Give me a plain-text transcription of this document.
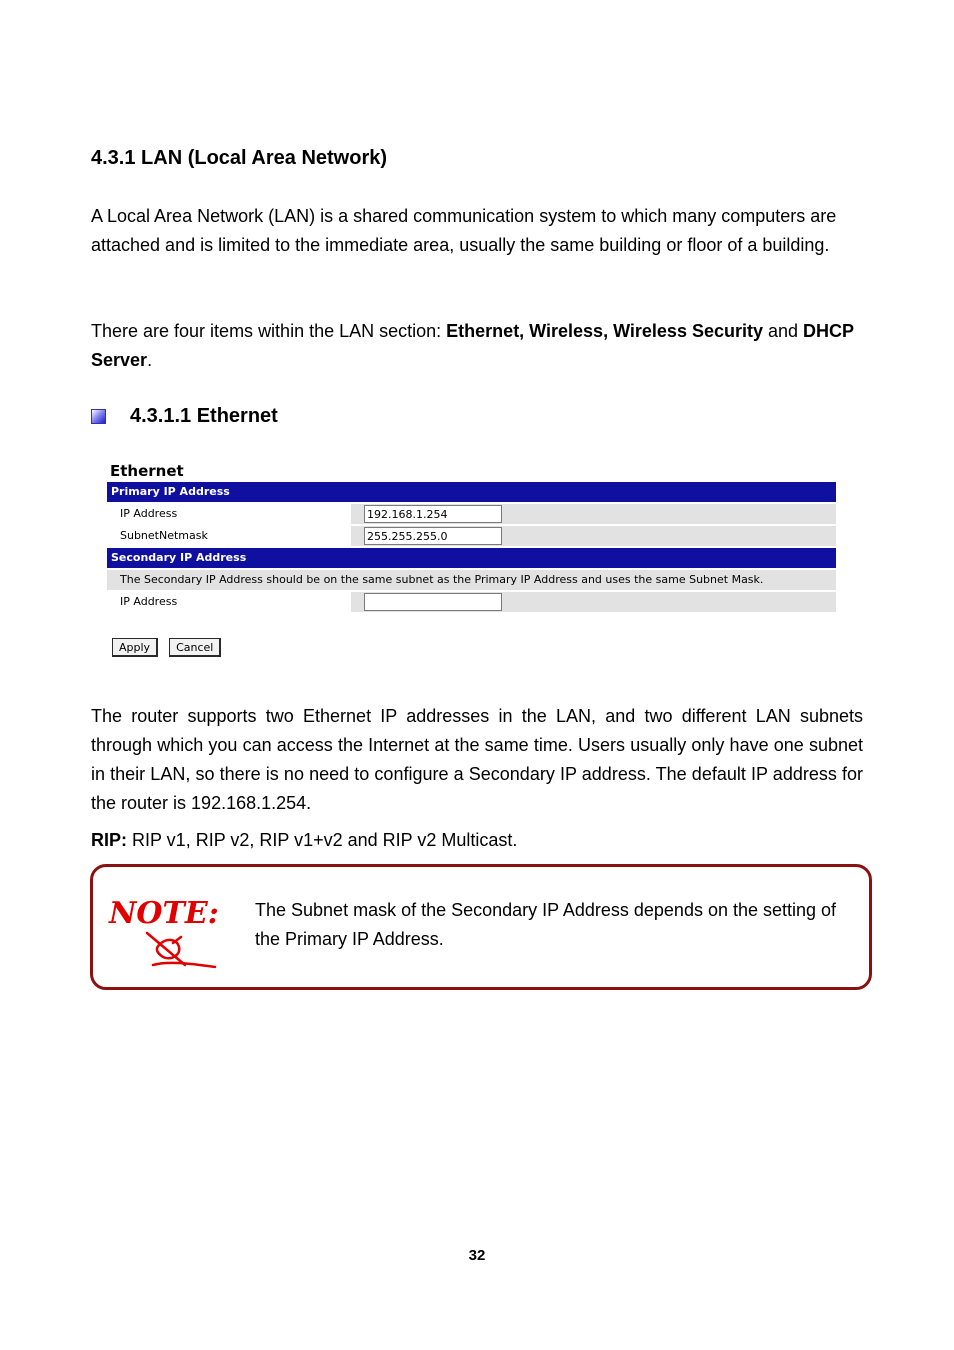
4.3.1 LAN (Local Area Network)
A Local Area Network (LAN) is a shared communication system to which many computers are attached and is limited to the immediate area, usually the same building or floor of a building.
There are four items within the LAN section: Ethernet, Wireless, Wireless Security and DHCP Server.
4.3.1.1 Ethernet
Ethernet
Primary IP Address
IP Address
192.168.1.254
SubnetNetmask
255.255.255.0
Secondary IP Address
The Secondary IP Address should be on the same subnet as the Primary IP Address and uses the same Subnet Mask.
IP Address
Apply	Cancel
The router supports two Ethernet IP addresses in the LAN, and two different LAN subnets through which you can access the Internet at the same time. Users usually only have one subnet in their LAN, so there is no need to configure a Secondary IP address. The default IP address for the router is 192.168.1.254.
RIP: RIP v1, RIP v2, RIP v1+v2 and RIP v2 Multicast.
NOTE: The Subnet mask of the Secondary IP Address depends on the setting of the Primary IP Address.
32
